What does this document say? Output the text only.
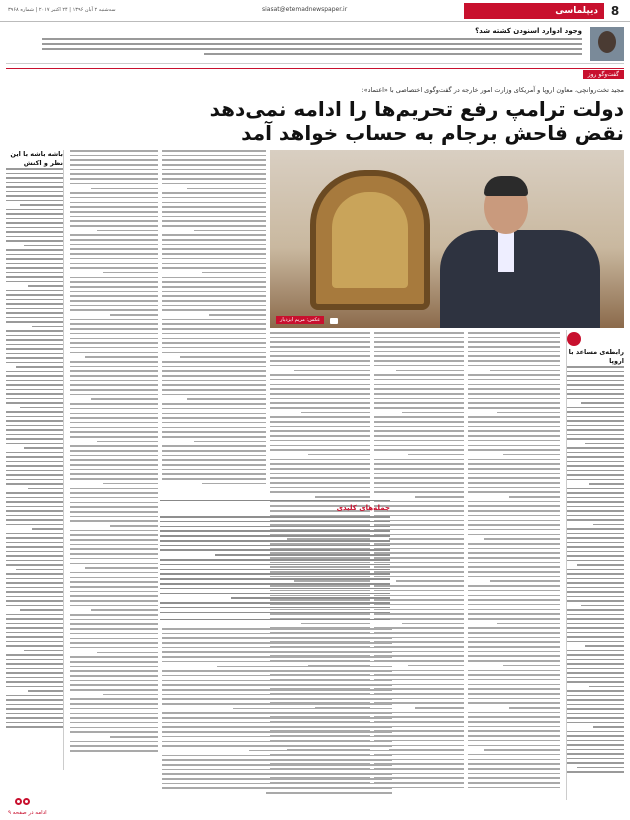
8
دیپلماسی
siasat@etemadnewspaper.ir
سه‌شنبه ۲ آبان ۱۳۹۶ | ۲۴ اکتبر ۲۰۱۷ | شماره ۳۹۶۸
وجود ادوارد اسنودن کشته شد؟
گفت‌وگو روز
مجید تخت‌روانچی، معاون اروپا و آمریکای وزارت امور خارجه در گفت‌وگوی اختصاصی با «اعتماد»:
دولت ترامپ رفع تحریم‌ها را ادامه نمی‌دهد
نقض فاحش برجام به حساب خواهد آمد
عکس: مریم ایزدیار
باشه باشه با این نظر و اکنش
جمله‌های کلیدی
رابطه‌ی مساعد با اروپا
ادامه در صفحه ۹
